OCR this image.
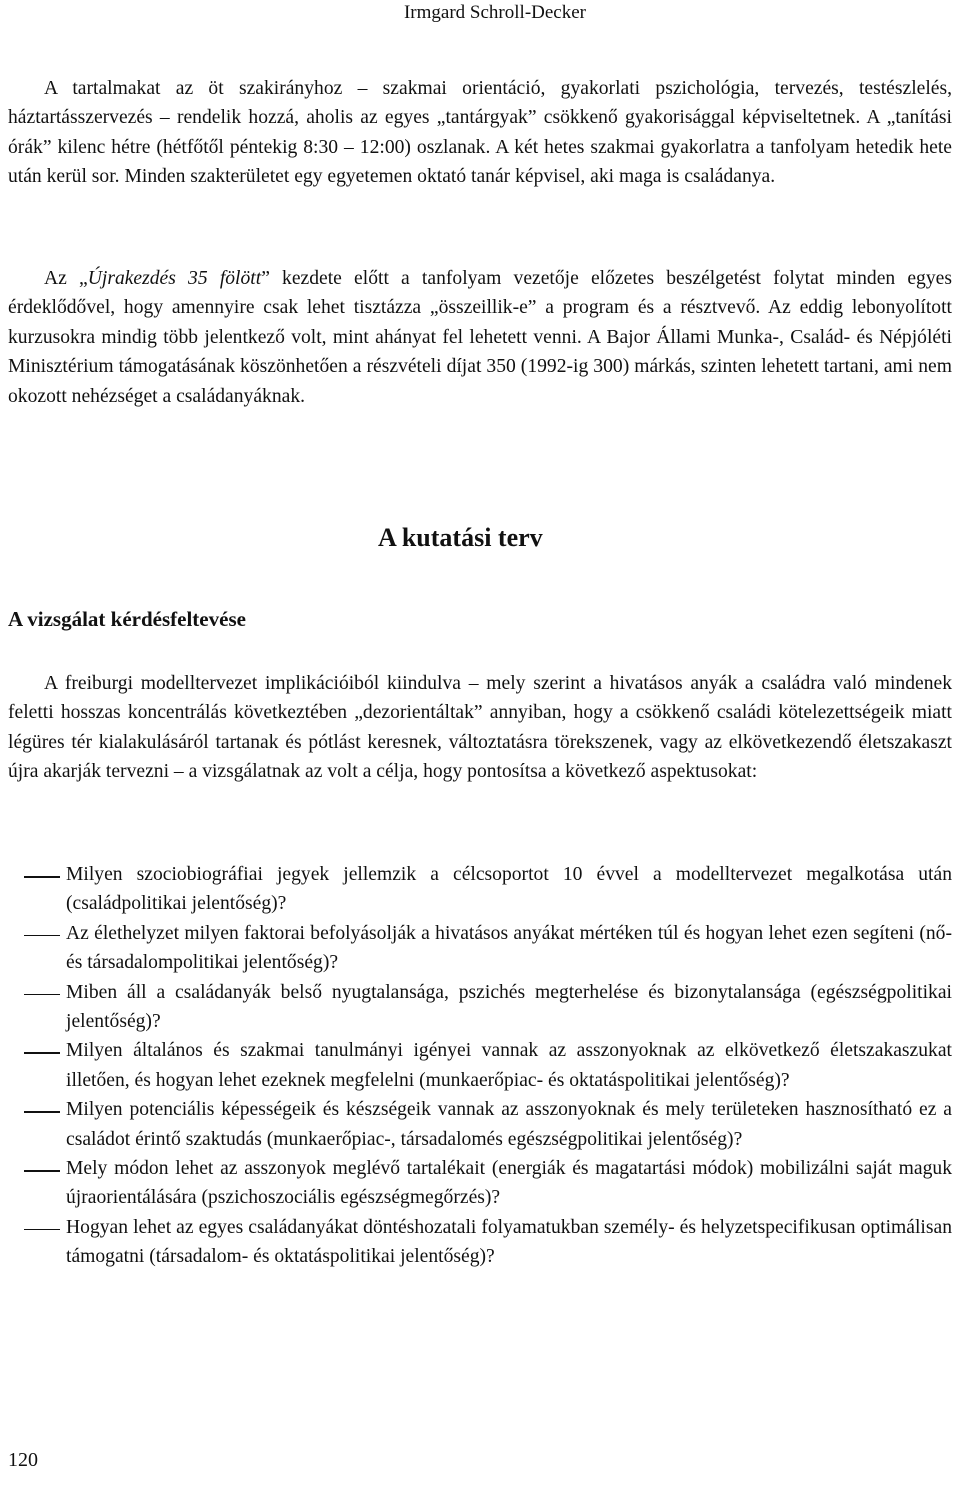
Irmgard Schroll-Decker

A tartalmakat az öt szakirányhoz – szakmai orientáció, gyakorlati pszichológia, tervezés, testészlelés, háztartásszervezés – rendelik hozzá, aholis az egyes „tantárgyak” csökkenő gyakorisággal képviseltetnek. A „tanítási órák” kilenc hétre (hétfőtől péntekig 8:30 – 12:00) oszlanak. A két hetes szakmai gyakorlatra a tanfolyam hetedik hete után kerül sor. Minden szakterületet egy egyetemen oktató tanár képvisel, aki maga is családanya.

Az „Újrakezdés 35 fölött” kezdete előtt a tanfolyam vezetője előzetes beszélgetést folytat minden egyes érdeklődővel, hogy amennyire csak lehet tisztázza „összeillik-e” a program és a résztvevő. Az eddig lebonyolított kurzusokra mindig több jelentkező volt, mint ahányat fel lehetett venni. A Bajor Állami Munka-, Család- és Népjóléti Minisztérium támogatásának köszönhetően a részvételi díjat 350 (1992-ig 300) márkás, szinten lehetett tartani, ami nem okozott nehézséget a családanyáknak.

A kutatási terv
A vizsgálat kérdésfeltevése

A freiburgi modelltervezet implikációiból kiindulva – mely szerint a hivatásos anyák a családra való mindenek feletti hosszas koncentrálás következtében „dezorientáltak” annyiban, hogy a csökkenő családi kötelezettségeik miatt légüres tér kialakulásáról tartanak és pótlást keresnek, változtatásra törekszenek, vagy az elkövetkezendő életszakaszt újra akarják tervezni – a vizsgálatnak az volt a célja, hogy pontosítsa a következő aspektusokat:

Milyen szociobiográfiai jegyek jellemzik a célcsoportot 10 évvel a modelltervezet megalkotása után (családpolitikai jelentőség)?
Az élethelyzet milyen faktorai befolyásolják a hivatásos anyákat mértéken túl és hogyan lehet ezen segíteni (nő- és társadalompolitikai jelentőség)?
Miben áll a családanyák belső nyugtalansága, pszichés megterhelése és bizonytalansága (egészségpolitikai jelentőség)?
Milyen általános és szakmai tanulmányi igényei vannak az asszonyoknak az elkövetkező életszakaszukat illetően, és hogyan lehet ezeknek megfelelni (munkaerőpiac- és oktatáspolitikai jelentőség)?
Milyen potenciális képességeik és készségeik vannak az asszonyoknak és mely területeken hasznosítható ez a családot érintő szaktudás (munkaerőpiac-, társadalomés egészségpolitikai jelentőség)?
Mely módon lehet az asszonyok meglévő tartalékait (energiák és magatartási módok) mobilizálni saját maguk újraorientálására (pszichoszociális egészségmegőrzés)?
Hogyan lehet az egyes családanyákat döntéshozatali folyamatukban személy- és helyzetspecifikusan optimálisan támogatni (társadalom- és oktatáspolitikai jelentőség)?
120
